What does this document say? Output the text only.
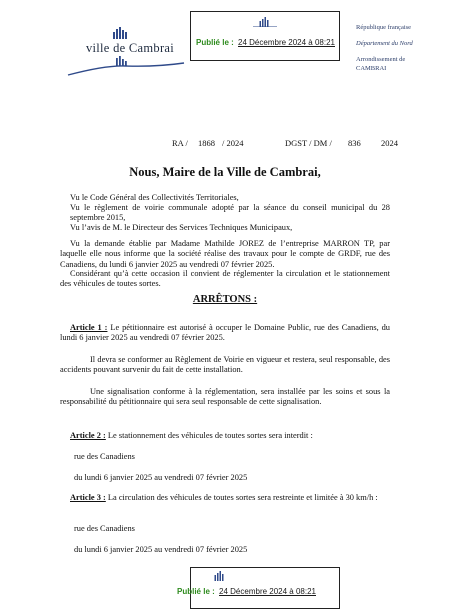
ville de Cambrai	Publié le : 24 Décembre 2024 à 08:21
République française
Département du Nord
Arrondissement de CAMBRAI
RA / 1868 / 2024	DGST / DM / 836 2024
Nous, Maire de la Ville de Cambrai,
Vu le Code Général des Collectivités Territoriales,
Vu le règlement de voirie communale adopté par la séance du conseil municipal du 28 septembre 2015,
Vu l’avis de M. le Directeur des Services Techniques Municipaux,
Vu la demande établie par Madame Mathilde JOREZ de l’entreprise MARRON TP, par laquelle elle nous informe que la société réalise des travaux pour le compte de GRDF, rue des Canadiens, du lundi 6 janvier 2025 au vendredi 07 février 2025.
Considérant qu’à cette occasion il convient de réglementer la circulation et le stationnement des véhicules de toutes sortes.
ARRÊTONS :
Article 1 : Le pétitionnaire est autorisé à occuper le Domaine Public, rue des Canadiens, du lundi 6 janvier 2025 au vendredi 07 février 2025.
Il devra se conformer au Règlement de Voirie en vigueur et restera, seul responsable, des accidents pouvant survenir du fait de cette installation.
Une signalisation conforme à la réglementation, sera installée par les soins et sous la responsabilité du pétitionnaire qui sera seul responsable de cette signalisation.
Article 2 : Le stationnement des véhicules de toutes sortes sera interdit :
rue des Canadiens
du lundi 6 janvier 2025 au vendredi 07 février 2025
Article 3 : La circulation des véhicules de toutes sortes sera restreinte et limitée à 30 km/h :
rue des Canadiens
du lundi 6 janvier 2025 au vendredi 07 février 2025
Publié le : 24 Décembre 2024 à 08:21
